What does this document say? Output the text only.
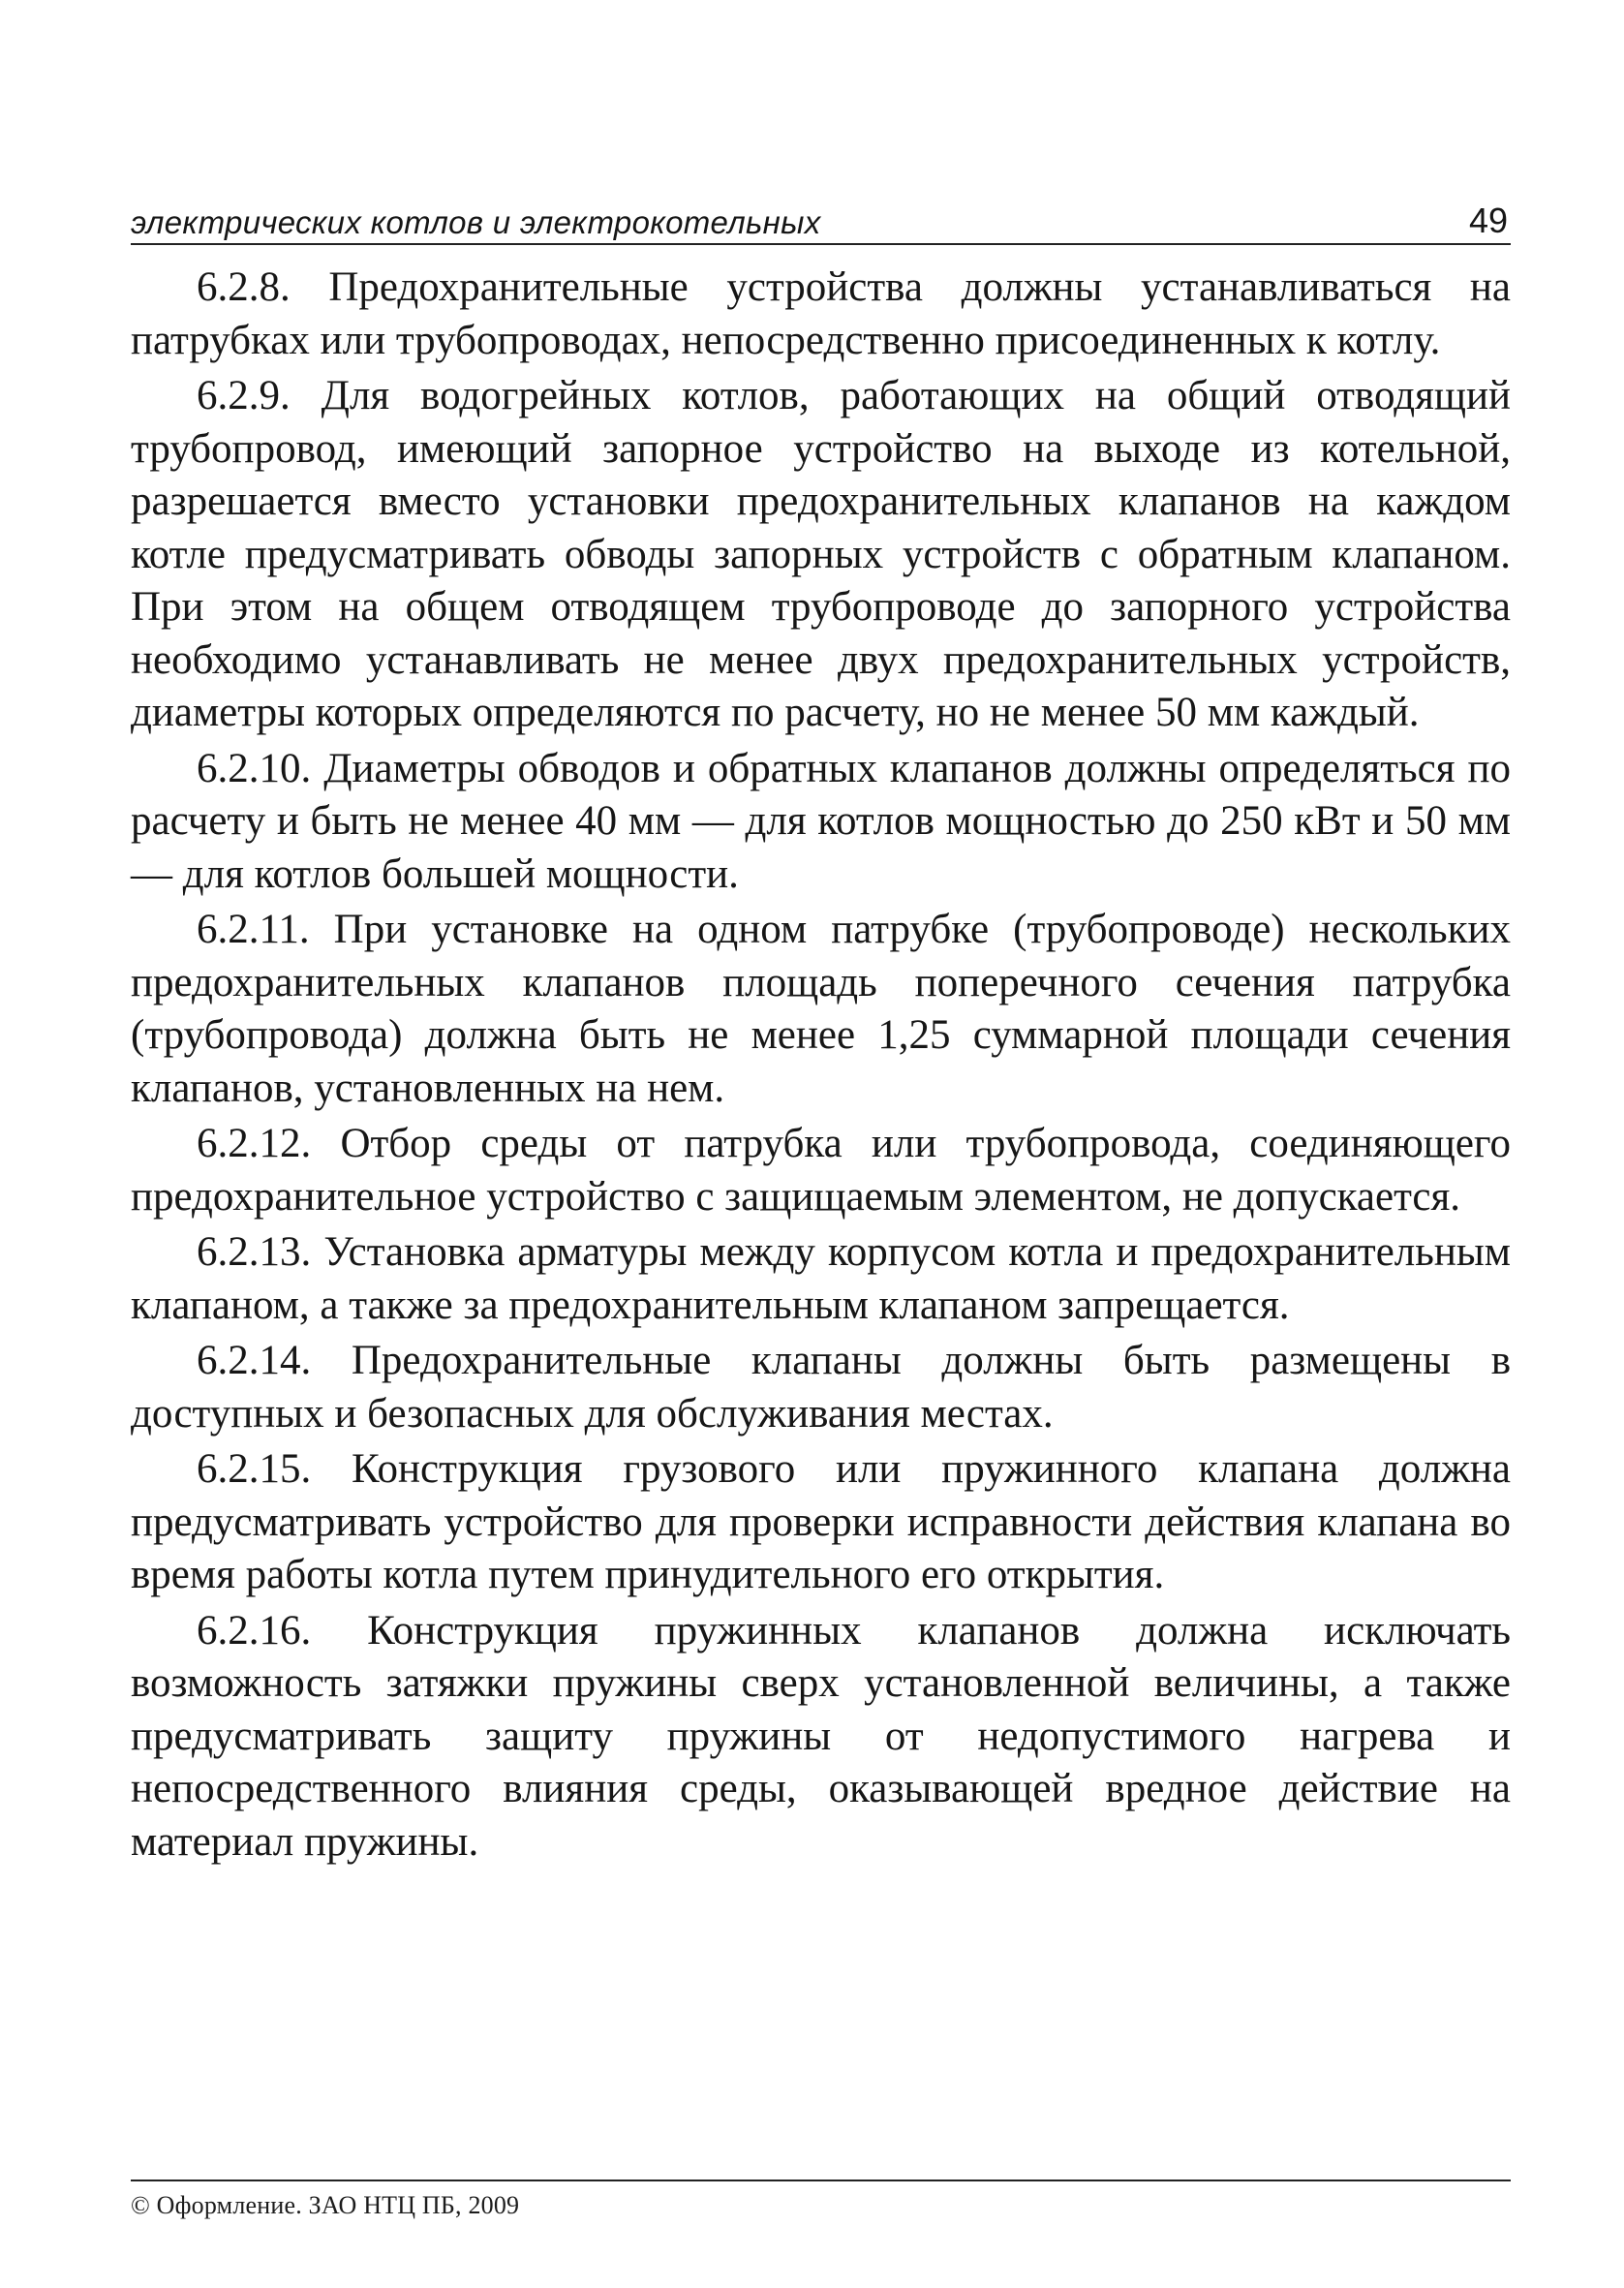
электрических котлов и электрокотельных	49

6.2.8. Предохранительные устройства должны устанавливаться на патрубках или трубопроводах, непосредственно присоединенных к котлу.

6.2.9. Для водогрейных котлов, работающих на общий отводящий трубопровод, имеющий запорное устройство на выходе из котельной, разрешается вместо установки предохранительных клапанов на каждом котле предусматривать обводы запорных устройств с обратным клапаном. При этом на общем отводящем трубопроводе до запорного устройства необходимо устанавливать не менее двух предохранительных устройств, диаметры которых определяются по расчету, но не менее 50 мм каждый.

6.2.10. Диаметры обводов и обратных клапанов должны определяться по расчету и быть не менее 40 мм — для котлов мощностью до 250 кВт и 50 мм — для котлов большей мощности.

6.2.11. При установке на одном патрубке (трубопроводе) нескольких предохранительных клапанов площадь поперечного сечения патрубка (трубопровода) должна быть не менее 1,25 суммарной площади сечения клапанов, установленных на нем.

6.2.12. Отбор среды от патрубка или трубопровода, соединяющего предохранительное устройство с защищаемым элементом, не допускается.

6.2.13. Установка арматуры между корпусом котла и предохранительным клапаном, а также за предохранительным клапаном запрещается.

6.2.14. Предохранительные клапаны должны быть размещены в доступных и безопасных для обслуживания местах.

6.2.15. Конструкция грузового или пружинного клапана должна предусматривать устройство для проверки исправности действия клапана во время работы котла путем принудительного его открытия.

6.2.16. Конструкция пружинных клапанов должна исключать возможность затяжки пружины сверх установленной величины, а также предусматривать защиту пружины от недопустимого нагрева и непосредственного влияния среды, оказывающей вредное действие на материал пружины.

© Оформление. ЗАО НТЦ ПБ, 2009
